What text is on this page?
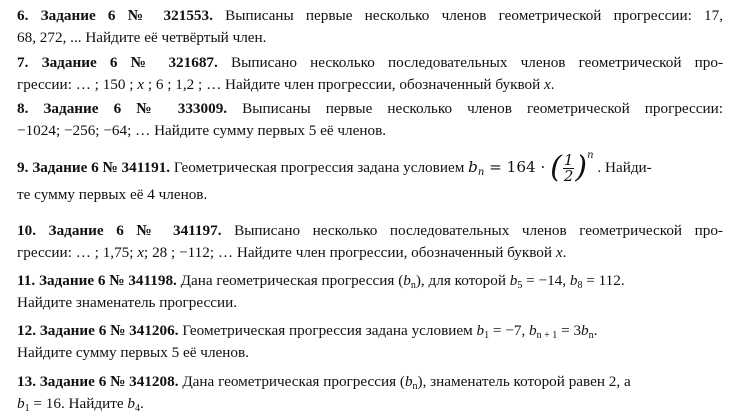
6. Задание 6 № 321553. Выписаны первые несколько членов геометрической прогрессии: 17,
68, 272, ... Найдите её четвёртый член.
7. Задание 6 № 321687. Выписано несколько последовательных членов геометрической про-
грессии: … ; 150 ; x ; 6 ; 1,2 ; … Найдите член прогрессии, обозначенный буквой x.
8. Задание 6 № 333009. Выписаны первые несколько членов геометрической прогрессии:
−1024; −256; −64; … Найдите сумму первых 5 её членов.
9. Задание 6 № 341191. Геометрическая прогрессия задана условием $b_n = 164$ · ( $\frac{1}{2} )^n$ . Найди-
те сумму первых её 4 членов.
10. Задание 6 № 341197. Выписано несколько последовательных членов геометрической про-
грессии: … ; 1,75; x; 28 ; −112; … Найдите член прогрессии, обозначенный буквой x.
11. Задание 6 № 341198. Дана геометрическая прогрессия $(b_n)$, для которой $b_5 = -14$, $b_8 = 112$.
Найдите знаменатель прогрессии.
12. Задание 6 № 341206. Геометрическая прогрессия задана условием $b_1 = -7$, $b_{n + 1} = 3b_n$.
Найдите сумму первых 5 её членов.
13. Задание 6 № 341208. Дана геометрическая прогрессия $(b_n)$, знаменатель которой равен 2, а
$b_1 = 16$. Найдите $b_4$.
